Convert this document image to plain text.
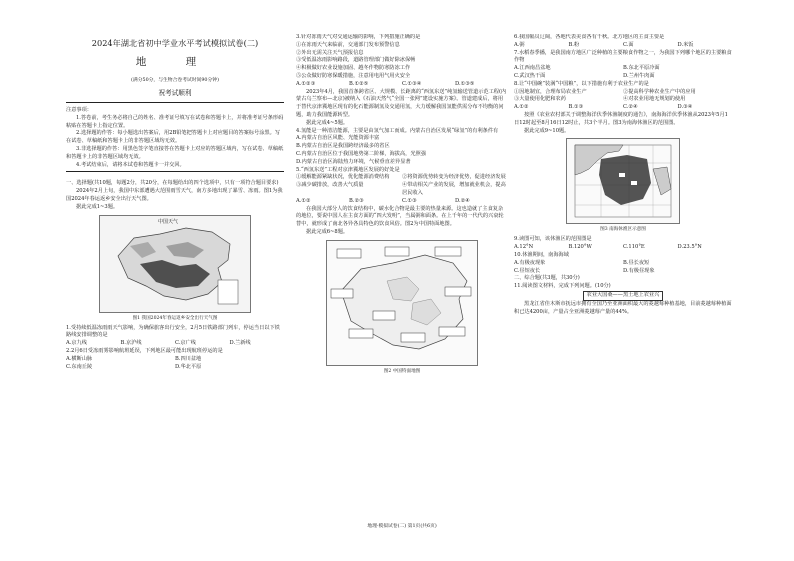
2024年湖北省初中学业水平考试模拟试卷(二)

地 理

(满分50分，与生物合卷考试时间90分钟)

祝考试顺利

注意事项：

1.答卷前，考生务必将自己的姓名、准考证号填写在试卷和答题卡上，并将准考证号条形码粘贴在答题卡上指定位置。

2.选择题的作答：每小题选出答案后，用2B铅笔把答题卡上对应题目的答案标号涂黑。写在试卷、草稿纸和答题卡上的非答题区域均无效。

3.非选择题的作答：用黑色签字笔直接答在答题卡上对应的答题区域内，写在试卷、草稿纸和答题卡上的非答题区域均无效。

4.考试结束后，请将本试卷和答题卡一并交回。

一、选择题(共10题，每题2分，共20分，在每题给出的四个选项中，只有一项符合题目要求)

2024年2月上旬，我国中东部遭遇大范围雨雪天气，南方多地出现了暴雪、冻雨。图1为我国2024年春运返乡安全出行天气图。

据此完成1~3题。

中国天气

图1 我国2024年春运返乡安全出行天气图

1.受持续低温冻雨雨天气影响，为确保旅客出行安全，2月5日铁路部门列车，停运当日以下铁路线安排调整的是

A.京九线	B.京沪线	C.京广线	D.兰新线

2.2月6日受冻雨雾影响航班延误，下列地区最可能出现航班停运的是

A.横断山脉	B.四川盆地
C.东南丘陵	D.华北平原

3.针对冻雨天气对交通运输的影响，下列措施正确的是

①在冻雨天气来临前，交通部门发布预警信息

②外出无需关注天气预报信息

③受低温冻雨影响路段，道路管理部门做好除冰保畅

④积极做好农业设施加固、越冬作物防寒防冻工作

⑤公众做好防寒保暖措施，注意用电用气用火安全

A.①②③	B.①②⑤	C.①③④	D.①③⑤

2023年4月，我国首条跨省区、大规模、长距离的“西氢东送”纯氢输送管道示范工程(内蒙古乌兰察布—北京)被纳入《石油天然气“全国一张网”建设实施方案》。管道建成后，将用于替代京津冀地区现有的化石能源制氢及交通用氢，大力缓解我国氢能供需分布不均衡的问题，助力我国能源转型。

据此完成4~5题。

4.氢能是一种清洁能源，主要是由氢气加工而成。内蒙古自治区发展“绿氢”的有利条件有

A.内蒙古自治区风能、光能资源丰富

B.内蒙古自治区是我国跨经济最多的省区

C.内蒙古自治区位于我国地势第二阶梯，海拔高，光照强

D.内蒙古自治区海陆热力环境，气候垂直差异显著

5.“西氢东送”工程对京津冀地区发展的好处是

①缓解能源紧缺状况，优化能源消费结构	②将资源优势转变为经济优势，促进经济发展
③减少碳排放，改善大气质量	④带动相关产业的发展，增加就业机会，提高居民收入
A.①②	B.②③	C.①③	D.②④

在我国大部分人的饮食结构中，碳水化合物是最主要的热量来源。这也造就了主食复杂的地位，要说中国人在主食方面的“四大发明”，当属粥和面条。在上千年的一代代的兴衰轮替中，就形成了南北各异各具特色的饮食风俗。图2为中国特面地图。

据此完成6~8题。

图2 中国特面地图

6.我国幅员辽阔，各地代表美食各有千秋。北方地区的主食主要是

A.粥	B.粉	C.面	D.米饭

7.水稻春季播，是我国南方地区广泛种植的主要粮食作物之一，为我国下列哪个地区的主要粮食作物

A.江西南昌盆地	B.东北平原冷面
C.武汉热干面	D.兰州牛肉面

8.让“中国碗”装满“中国粮”，以下措施有利于农业生产的是

①因地制宜，合理布局农业生产	②提高科学种农业生产中的应用
③大量使用化肥和农药	④对农业用地无规划的使用
A.①②	B.①③	C.②④	D.③④

按照《农业农村部关于调整海洋伏季休渔制度的通告》，南海海洋伏季休渔从2023年5月1日12时起至8月16日12时止，共3个半月。图3为南海休渔区的范围图。

据此完成9~10题。

图3 南海休渔区示意图

9.读图可知，该休渔区的范围图是

A.12°N	B.120°W	C.110°E	D.23.5°N

10.休渔期间，南海海域

A.有极夜现象	B.昼长夜短
C.昼短夜长	D.有极昼现象

二、综合题(共3题，共30分)

11.阅读图文材料，完成下列问题。(10分)

农业大国桑——黑土地上农业兴

黑龙江省佳木斯市抚远市拥有全国乃至亚洲面积最大的菱越莓种植基地，目前菱越莓种植面积已达4200亩，产量占全亚洲菱越莓产量的44%。

地理·模拟试卷(二) 第1页(共6页)
